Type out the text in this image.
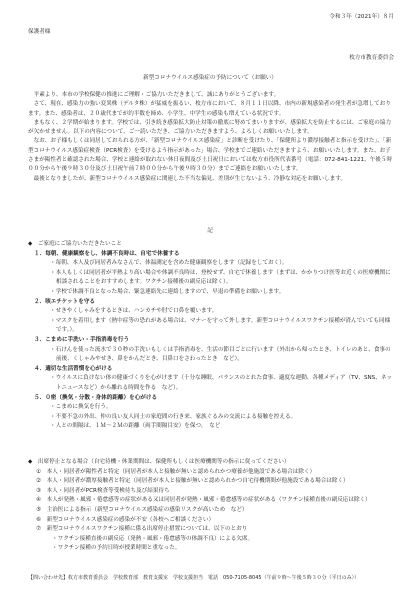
令和３年（2021年）８月
保護者様
枚方市教育委員会
新型コロナウイルス感染症の予防について（お願い）

平素より、本市の学校保健の推進にご理解・ご協力いただきまして、誠にありがとうございます。

さて、現在、感染力の強い変異株（デルタ株）が猛威を振るい、枚方市において、８月１１日以降、市内の新規感染者の発生者が急増しております。また、感染者は、２０歳代までが約半数を締め、小学生、中学生の感染も増えている状況です。

まもなく、２学期が始まります。学校では、引き続き感染拡大防止対策の徹底に努めてまいりますが、感染拡大を防止するには、ご家庭の協力が欠かせません。以下の内容について、ご一読いただき、ご協力いただきますよう、よろしくお願いいたします。

なお、お子様もしくは同居しておられる方が、「新型コロナウイルス感染症」と診断を受けたり、「保健所より濃厚接触者と指示を受けた」、「新型コロナウイルス感染症検査（PCR検査）を受けるよう指示があった」場合、学校までご連絡いただきますよう、お願いいたします。また、お子さまが陽性者と確認された場合、学校と連絡が取れない休日夜間及び土日祝日においては枚方市役所代表番号（電話：072-841-1221、午後５時００分から午後９時３０分及び土日祝午前７時００分から午後９時３０分）までご連絡をお願いいたします。

最後となりましたが、新型コロナウイルス感染症に関連した不当な偏見、差別が生じないよう、冷静な対応をお願いします。

記

◆　ご家庭にご協力いただきたいこと

１．毎朝、健康観察をし、体調不良時は、自宅で休養する

・毎朝、本人及び同居者みなさんで、体温測定を含めた健康観察をします（記録をしておく）。

・本人もしくは同居者が平熱より高い場合や体調不良時は、登校せず、自宅で休養します（まずは、かかりつけ医等お近くの医療機関に相談されることをおすすめします。ワクチン接種後の副反応は除く）。

・学校で体調不良となった場合、緊急連絡先に連絡しますので、早退の準備をお願いします。

２．咳エチケットを守る

・せきやくしゃみをするときは、ハンカチや肘で口鼻を覆います。

・マスクを着用します（熱中症等の恐れがある場合は、マナーを守って外します。新型コロナウイルスワクチン接種が済んでいても同様です。）。

３．こまめに手洗い・手指消毒を行う

・石けんを使った流水で３０秒の手洗いもしくは手指消毒を、生活の節目ごとに行います（外出から帰ったとき、トイレのあと、食事の前後、くしゃみやせき、鼻をかんだとき、目鼻口をさわったとき　など）。

４．適切な生活習慣を心がける

・ウイルスに負けない体の健康づくりを心がけます（十分な睡眠、バランスのとれた食事、適度な運動、各種メディア（TV、SNS、ネットニュースなど）から離れる時間を作る　など）。

５．０密（換気・分散・身体的距離）を心がける

・こまめに換気を行う。

・不要不急の外出、仲の良い友人同士の家庭間の行き来、家族ぐるみの交流による接触を控える。

・人との間隔は、１Ｍ～２Ｍの距離（両手間隔目安）を保つ。　など

◆　出席停止となる場合（自宅待機・休業期間は、保健所もしくは医療機関等の指示に従ってください）

①　本人・同居者が陽性者と特定（同居者が本人と接触が無いと認められかつ療養が他施設である場合は除く）

②　本人・同居者が濃厚接触者と特定（同居者が本人と接触が無いと認められかつ自宅待機期間が他施設である場合は除く）

③　本人・同居者がPCR検査等受検待ち及び結果待ち

④　本人が発熱・風邪・倦怠感等の症状がある又は同居者が発熱・風邪・倦怠感等の症状がある（ワクチン接種直後の副反応は除く）

⑤　主治医による指示（新型コロナウイルス感染症の感染リスクが高いため　など）

⑥　新型コロナウイルス感染症の感染が不安（各校へご相談ください）

⑦　新型コロナウイルスワクチン接種に係る出席停止措置については、以下のとおり

・ワクチン接種直後の副反応（発熱・風邪・倦怠感等の体調不良）による欠席。

・ワクチン接種の予約日時が授業時間と重なった。

【問い合わせ先】枚方市教育委員会　学校教育部　教育支援室　学校支援担当　電話　050-7105-8045（午前９時～午後５時３０分（平日のみ））
